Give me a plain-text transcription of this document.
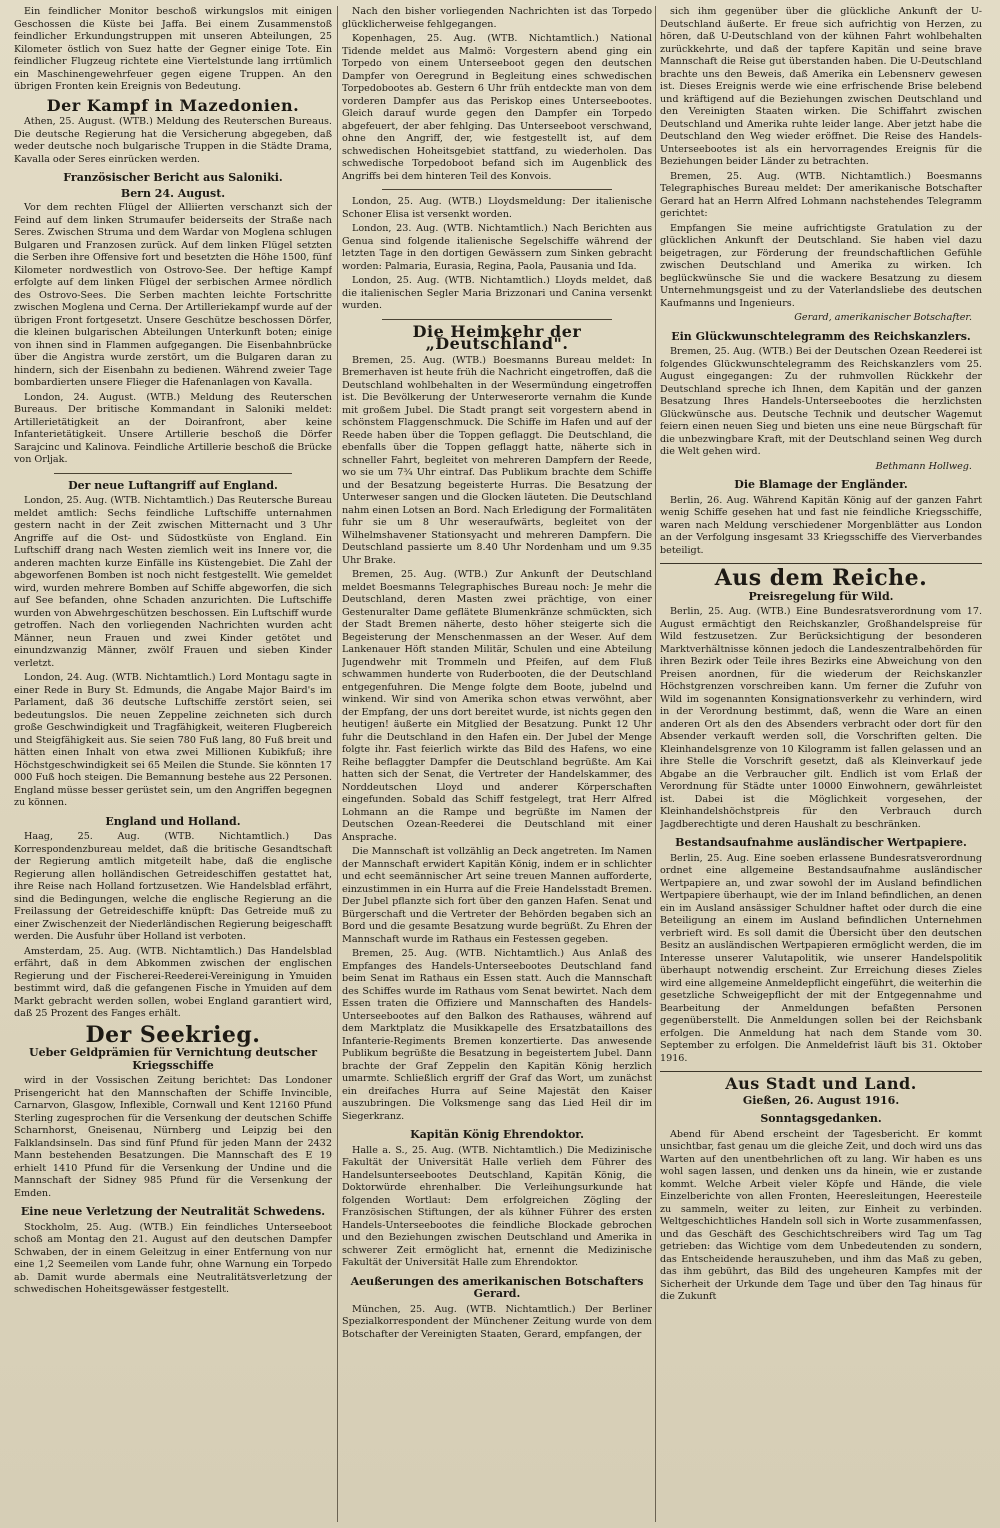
Ein feindlicher Monitor beschoß wirkungslos mit einigen Geschossen die Küste bei Jaffa. Bei einem Zusammenstoß feindlicher Erkundungstruppen mit unseren Abteilungen, 25 Kilometer östlich von Suez hatte der Gegner einige Tote. Ein feindlicher Flugzeug richtete eine Viertelstunde lang irrtümlich ein Maschinengewehrfeuer gegen eigene Truppen. An den übrigen Fronten kein Ereignis von Bedeutung.

Der Kampf in Mazedonien.

Athen, 25. August. (WTB.) Meldung des Reuterschen Bureaus. Die deutsche Regierung hat die Versicherung abgegeben, daß weder deutsche noch bulgarische Truppen in die Städte Drama, Kavalla oder Seres einrücken werden.

Französischer Bericht aus Saloniki.
Bern 24. August.

Vor dem rechten Flügel der Alliierten verschanzt sich der Feind auf dem linken Strumaufer beiderseits der Straße nach Seres. Zwischen Struma und dem Wardar von Moglena schlugen Bulgaren und Franzosen zurück. Auf dem linken Flügel setzten die Serben ihre Offensive fort und besetzten die Höhe 1500, fünf Kilometer nordwestlich von Ostrovo-See. Der heftige Kampf erfolgte auf dem linken Flügel der serbischen Armee nördlich des Ostrovo-Sees. Die Serben machten leichte Fortschritte zwischen Moglena und Cerna. Der Artilleriekampf wurde auf der übrigen Front fortgesetzt. Unsere Geschütze beschossen Dörfer, die kleinen bulgarischen Abteilungen Unterkunft boten; einige von ihnen sind in Flammen aufgegangen. Die Eisenbahnbrücke über die Angistra wurde zerstört, um die Bulgaren daran zu hindern, sich der Eisenbahn zu bedienen. Während zweier Tage bombardierten unsere Flieger die Hafenanlagen von Kavalla.

London, 24. August. (WTB.) Meldung des Reuterschen Bureaus. Der britische Kommandant in Saloniki meldet: Artillerietätigkeit an der Doiranfront, aber keine Infanterietätigkeit. Unsere Artillerie beschoß die Dörfer Sarajcinc und Kalinova. Feindliche Artillerie beschoß die Brücke von Orljak.

Der neue Luftangriff auf England.

London, 25. Aug. (WTB. Nichtamtlich.) Das Reutersche Bureau meldet amtlich: Sechs feindliche Luftschiffe unternahmen gestern nacht in der Zeit zwischen Mitternacht und 3 Uhr Angriffe auf die Ost- und Südostküste von England. Ein Luftschiff drang nach Westen ziemlich weit ins Innere vor, die anderen machten kurze Einfälle ins Küstengebiet. Die Zahl der abgeworfenen Bomben ist noch nicht festgestellt. Wie gemeldet wird, wurden mehrere Bomben auf Schiffe abgeworfen, die sich auf See befanden, ohne Schaden anzurichten. Die Luftschiffe wurden von Abwehrgeschützen beschossen. Ein Luftschiff wurde getroffen. Nach den vorliegenden Nachrichten wurden acht Männer, neun Frauen und zwei Kinder getötet und einundzwanzig Männer, zwölf Frauen und sieben Kinder verletzt.

London, 24. Aug. (WTB. Nichtamtlich.) Lord Montagu sagte in einer Rede in Bury St. Edmunds, die Angabe Major Baird's im Parlament, daß 36 deutsche Luftschiffe zerstört seien, sei bedeutungslos. Die neuen Zeppeline zeichneten sich durch große Geschwindigkeit und Tragfähigkeit, weiteren Flugbereich und Steigfähigkeit aus. Sie seien 780 Fuß lang, 80 Fuß breit und hätten einen Inhalt von etwa zwei Millionen Kubikfuß; ihre Höchstgeschwindigkeit sei 65 Meilen die Stunde. Sie könnten 17 000 Fuß hoch steigen. Die Bemannung bestehe aus 22 Personen. England müsse besser gerüstet sein, um den Angriffen begegnen zu können.

England und Holland.

Haag, 25. Aug. (WTB. Nichtamtlich.) Das Korrespondenzbureau meldet, daß die britische Gesandtschaft der Regierung amtlich mitgeteilt habe, daß die englische Regierung allen holländischen Getreideschiffen gestattet hat, ihre Reise nach Holland fortzusetzen. Wie Handelsblad erfährt, sind die Bedingungen, welche die englische Regierung an die Freilassung der Getreideschiffe knüpft: Das Getreide muß zu einer Zwischenzeit der Niederländischen Regierung beigeschafft werden. Die Ausfuhr über Holland ist verboten.

Amsterdam, 25. Aug. (WTB. Nichtamtlich.) Das Handelsblad erfährt, daß in dem Abkommen zwischen der englischen Regierung und der Fischerei-Reederei-Vereinigung in Ymuiden bestimmt wird, daß die gefangenen Fische in Ymuiden auf dem Markt gebracht werden sollen, wobei England garantiert wird, daß 25 Prozent des Fanges erhält.

Der Seekrieg.
Ueber Geldprämien für Vernichtung deutscher Kriegsschiffe

wird in der Vossischen Zeitung berichtet: Das Londoner Prisengericht hat den Mannschaften der Schiffe Invincible, Carnarvon, Glasgow, Inflexible, Cornwall und Kent 12160 Pfund Sterling zugesprochen für die Versenkung der deutschen Schiffe Scharnhorst, Gneisenau, Nürnberg und Leipzig bei den Falklandsinseln. Das sind fünf Pfund für jeden Mann der 2432 Mann bestehenden Besatzungen. Die Mannschaft des E 19 erhielt 1410 Pfund für die Versenkung der Undine und die Mannschaft der Sidney 985 Pfund für die Versenkung der Emden.

Eine neue Verletzung der Neutralität Schwedens.

Stockholm, 25. Aug. (WTB.) Ein feindliches Unterseeboot schoß am Montag den 21. August auf den deutschen Dampfer Schwaben, der in einem Geleitzug in einer Entfernung von nur eine 1,2 Seemeilen vom Lande fuhr, ohne Warnung ein Torpedo ab. Damit wurde abermals eine Neutralitätsverletzung der schwedischen Hoheitsgewässer festgestellt.

Nach den bisher vorliegenden Nachrichten ist das Torpedo glücklicherweise fehlgegangen.

Kopenhagen, 25. Aug. (WTB. Nichtamtlich.) National Tidende meldet aus Malmö: Vorgestern abend ging ein Torpedo von einem Unterseeboot gegen den deutschen Dampfer von Oeregrund in Begleitung eines schwedischen Torpedobootes ab. Gestern 6 Uhr früh entdeckte man von dem vorderen Dampfer aus das Periskop eines Unterseebootes. Gleich darauf wurde gegen den Dampfer ein Torpedo abgefeuert, der aber fehlging. Das Unterseeboot verschwand, ohne den Angriff, der, wie festgestellt ist, auf dem schwedischen Hoheitsgebiet stattfand, zu wiederholen. Das schwedische Torpedoboot befand sich im Augenblick des Angriffs bei dem hinteren Teil des Konvois.

London, 25. Aug. (WTB.) Lloydsmeldung: Der italienische Schoner Elisa ist versenkt worden.

London, 23. Aug. (WTB. Nichtamtlich.) Nach Berichten aus Genua sind folgende italienische Segelschiffe während der letzten Tage in den dortigen Gewässern zum Sinken gebracht worden: Palmaria, Eurasia, Regina, Paola, Pausania und Ida.

London, 25. Aug. (WTB. Nichtamtlich.) Lloyds meldet, daß die italienischen Segler Maria Brizzonari und Canina versenkt wurden.

Die Heimkehr der „Deutschland".

Bremen, 25. Aug. (WTB.) Boesmanns Bureau meldet: In Bremerhaven ist heute früh die Nachricht eingetroffen, daß die Deutschland wohlbehalten in der Wesermündung eingetroffen ist. Die Bevölkerung der Unterweserorte vernahm die Kunde mit großem Jubel. Die Stadt prangt seit vorgestern abend in schönstem Flaggenschmuck. Die Schiffe im Hafen und auf der Reede haben über die Toppen geflaggt. Die Deutschland, die ebenfalls über die Toppen geflaggt hatte, näherte sich in schneller Fahrt, begleitet von mehreren Dampfern der Reede, wo sie um 7¾ Uhr eintraf. Das Publikum brachte dem Schiffe und der Besatzung begeisterte Hurras. Die Besatzung der Unterweser sangen und die Glocken läuteten. Die Deutschland nahm einen Lotsen an Bord. Nach Erledigung der Formalitäten fuhr sie um 8 Uhr weseraufwärts, begleitet von der Wilhelmshavener Stationsyacht und mehreren Dampfern. Die Deutschland passierte um 8.40 Uhr Nordenham und um 9.35 Uhr Brake.

Bremen, 25. Aug. (WTB.) Zur Ankunft der Deutschland meldet Boesmanns Telegraphisches Bureau noch: Je mehr die Deutschland, deren Masten zwei prächtige, von einer Gestenuralter Dame geflätete Blumenkränze schmückten, sich der Stadt Bremen näherte, desto höher steigerte sich die Begeisterung der Menschenmassen an der Weser. Auf dem Lankenauer Höft standen Militär, Schulen und eine Abteilung Jugendwehr mit Trommeln und Pfeifen, auf dem Fluß schwammen hunderte von Ruderbooten, die der Deutschland entgegenfuhren. Die Menge folgte dem Boote, jubelnd und winkend. Wir sind von Amerika schon etwas verwöhnt, aber der Empfang, der uns dort bereitet wurde, ist nichts gegen den heutigen! äußerte ein Mitglied der Besatzung. Punkt 12 Uhr fuhr die Deutschland in den Hafen ein. Der Jubel der Menge folgte ihr. Fast feierlich wirkte das Bild des Hafens, wo eine Reihe beflaggter Dampfer die Deutschland begrüßte. Am Kai hatten sich der Senat, die Vertreter der Handelskammer, des Norddeutschen Lloyd und anderer Körperschaften eingefunden. Sobald das Schiff festgelegt, trat Herr Alfred Lohmann an die Rampe und begrüßte im Namen der Deutschen Ozean-Reederei die Deutschland mit einer Ansprache.

Die Mannschaft ist vollzählig an Deck angetreten. Im Namen der Mannschaft erwidert Kapitän König, indem er in schlichter und echt seemännischer Art seine treuen Mannen aufforderte, einzustimmen in ein Hurra auf die Freie Handelsstadt Bremen. Der Jubel pflanzte sich fort über den ganzen Hafen. Senat und Bürgerschaft und die Vertreter der Behörden begaben sich an Bord und die gesamte Besatzung wurde begrüßt. Zu Ehren der Mannschaft wurde im Rathaus ein Festessen gegeben.

Bremen, 25. Aug. (WTB. Nichtamtlich.) Aus Anlaß des Empfanges des Handels-Unterseebootes Deutschland fand beim Senat im Rathaus ein Essen statt. Auch die Mannschaft des Schiffes wurde im Rathaus vom Senat bewirtet. Nach dem Essen traten die Offiziere und Mannschaften des Handels-Unterseebootes auf den Balkon des Rathauses, während auf dem Marktplatz die Musikkapelle des Ersatzbataillons des Infanterie-Regiments Bremen konzertierte. Das anwesende Publikum begrüßte die Besatzung in begeistertem Jubel. Dann brachte der Graf Zeppelin den Kapitän König herzlich umarmte. Schließlich ergriff der Graf das Wort, um zunächst ein dreifaches Hurra auf Seine Majestät den Kaiser auszubringen. Die Volksmenge sang das Lied Heil dir im Siegerkranz.

Kapitän König Ehrendoktor.

Halle a. S., 25. Aug. (WTB. Nichtamtlich.) Die Medizinische Fakultät der Universität Halle verlieh dem Führer des Handelsunterseebootes Deutschland, Kapitän König, die Doktorwürde ehrenhalber. Die Verleihungsurkunde hat folgenden Wortlaut: Dem erfolgreichen Zögling der Französischen Stiftungen, der als kühner Führer des ersten Handels-Unterseebootes die feindliche Blockade gebrochen und den Beziehungen zwischen Deutschland und Amerika in schwerer Zeit ermöglicht hat, ernennt die Medizinische Fakultät der Universität Halle zum Ehrendoktor.

Aeußerungen des amerikanischen Botschafters Gerard.

München, 25. Aug. (WTB. Nichtamtlich.) Der Berliner Spezialkorrespondent der Münchener Zeitung wurde von dem Botschafter der Vereinigten Staaten, Gerard, empfangen, der

sich ihm gegenüber über die glückliche Ankunft der U-Deutschland äußerte. Er freue sich aufrichtig von Herzen, zu hören, daß U-Deutschland von der kühnen Fahrt wohlbehalten zurückkehrte, und daß der tapfere Kapitän und seine brave Mannschaft die Reise gut überstanden haben. Die U-Deutschland brachte uns den Beweis, daß Amerika ein Lebensnerv gewesen ist. Dieses Ereignis werde wie eine erfrischende Brise belebend und kräftigend auf die Beziehungen zwischen Deutschland und den Vereinigten Staaten wirken. Die Schiffahrt zwischen Deutschland und Amerika ruhte leider lange. Aber jetzt habe die Deutschland den Weg wieder eröffnet. Die Reise des Handels-Unterseebootes ist als ein hervorragendes Ereignis für die Beziehungen beider Länder zu betrachten.

Bremen, 25. Aug. (WTB. Nichtamtlich.) Boesmanns Telegraphisches Bureau meldet: Der amerikanische Botschafter Gerard hat an Herrn Alfred Lohmann nachstehendes Telegramm gerichtet:

Empfangen Sie meine aufrichtigste Gratulation zu der glücklichen Ankunft der Deutschland. Sie haben viel dazu beigetragen, zur Förderung der freundschaftlichen Gefühle zwischen Deutschland und Amerika zu wirken. Ich beglückwünsche Sie und die wackere Besatzung zu diesem Unternehmungsgeist und zu der Vaterlandsliebe des deutschen Kaufmanns und Ingenieurs.

Gerard, amerikanischer Botschafter.
Ein Glückwunschtelegramm des Reichskanzlers.

Bremen, 25. Aug. (WTB.) Bei der Deutschen Ozean Reederei ist folgendes Glückwunschtelegramm des Reichskanzlers vom 25. August eingegangen: Zu der ruhmvollen Rückkehr der Deutschland spreche ich Ihnen, dem Kapitän und der ganzen Besatzung Ihres Handels-Unterseebootes die herzlichsten Glückwünsche aus. Deutsche Technik und deutscher Wagemut feiern einen neuen Sieg und bieten uns eine neue Bürgschaft für die unbezwingbare Kraft, mit der Deutschland seinen Weg durch die Welt gehen wird.

Bethmann Hollweg.
Die Blamage der Engländer.

Berlin, 26. Aug. Während Kapitän König auf der ganzen Fahrt wenig Schiffe gesehen hat und fast nie feindliche Kriegsschiffe, waren nach Meldung verschiedener Morgenblätter aus London an der Verfolgung insgesamt 33 Kriegsschiffe des Vierverbandes beteiligt.

Aus dem Reiche.
Preisregelung für Wild.

Berlin, 25. Aug. (WTB.) Eine Bundesratsverordnung vom 17. August ermächtigt den Reichskanzler, Großhandelspreise für Wild festzusetzen. Zur Berücksichtigung der besonderen Marktverhältnisse können jedoch die Landeszentralbehörden für ihren Bezirk oder Teile ihres Bezirks eine Abweichung von den Preisen anordnen, für die wiederum der Reichskanzler Höchstgrenzen vorschreiben kann. Um ferner die Zufuhr von Wild im sogenannten Konsignationsverkehr zu verhindern, wird in der Verordnung bestimmt, daß, wenn die Ware an einen anderen Ort als den des Absenders verbracht oder dort für den Absender verkauft werden soll, die Vorschriften gelten. Die Kleinhandelsgrenze von 10 Kilogramm ist fallen gelassen und an ihre Stelle die Vorschrift gesetzt, daß als Kleinverkauf jede Abgabe an die Verbraucher gilt. Endlich ist vom Erlaß der Verordnung für Städte unter 10000 Einwohnern, gewährleistet ist. Dabei ist die Möglichkeit vorgesehen, der Kleinhandelshöchstpreis für den Verbrauch durch Jagdberechtigte und deren Haushalt zu beschränken.

Bestandsaufnahme ausländischer Wertpapiere.

Berlin, 25. Aug. Eine soeben erlassene Bundesratsverordnung ordnet eine allgemeine Bestandsaufnahme ausländischer Wertpapiere an, und zwar sowohl der im Ausland befindlichen Wertpapiere überhaupt, wie der im Inland befindlichen, an denen ein im Ausland ansässiger Schuldner haftet oder durch die eine Beteiligung an einem im Ausland befindlichen Unternehmen verbrieft wird. Es soll damit die Übersicht über den deutschen Besitz an ausländischen Wertpapieren ermöglicht werden, die im Interesse unserer Valutapolitik, wie unserer Handelspolitik überhaupt notwendig erscheint. Zur Erreichung dieses Zieles wird eine allgemeine Anmeldepflicht eingeführt, die weiterhin die gesetzliche Schweigepflicht der mit der Entgegennahme und Bearbeitung der Anmeldungen befaßten Personen gegenüberstellt. Die Anmeldungen sollen bei der Reichsbank erfolgen. Die Anmeldung hat nach dem Stande vom 30. September zu erfolgen. Die Anmeldefrist läuft bis 31. Oktober 1916.

Aus Stadt und Land.
Gießen, 26. August 1916.
Sonntagsgedanken.

Abend für Abend erscheint der Tagesbericht. Er kommt unsichtbar, fast genau um die gleiche Zeit, und doch wird uns das Warten auf den unentbehrlichen oft zu lang. Wir haben es uns wohl sagen lassen, und denken uns da hinein, wie er zustande kommt. Welche Arbeit vieler Köpfe und Hände, die viele Einzelberichte von allen Fronten, Heeresleitungen, Heeresteile zu sammeln, weiter zu leiten, zur Einheit zu verbinden. Weltgeschichtliches Handeln soll sich in Worte zusammenfassen, und das Geschäft des Geschichtschreibers wird Tag um Tag getrieben: das Wichtige vom dem Unbedeutenden zu sondern, das Entscheidende herauszuheben, und ihm das Maß zu geben, das ihm gebührt, das Bild des ungeheuren Kampfes mit der Sicherheit der Urkunde dem Tage und über den Tag hinaus für die Zukunft
